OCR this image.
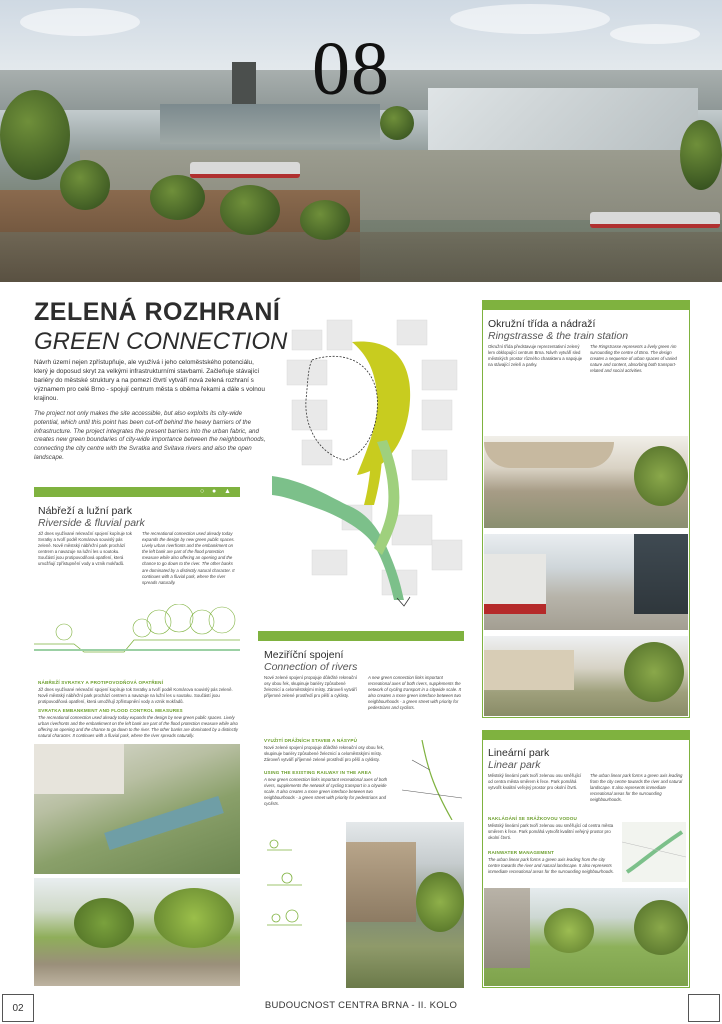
08
ZELENÁ ROZHRANÍ
GREEN CONNECTION
Návrh území nejen zpřístupňuje, ale využívá i jeho celoměstského potenciálu, který je doposud skryt za velkými infrastrukturními stavbami. Začleňuje stávající bariéry do městské struktury a na pomezí čtvrtí vytváří nová zelená rozhraní s významem pro celé Brno - spojují centrum města s oběma řekami a dále s volnou krajinou.
The project not only makes the site accessible, but also exploits its city-wide potential, which until this point has been cut-off behind the heavy barriers of the infrastructure. The project integrates the present barriers into the urban fabric, and creates new green boundaries of city-wide importance between the neighbourhoods, connecting the city centre with the Svratka and Svitava rivers and also the open landscape.
○ ● ▲
Nábřeží a lužní park
Riverside & fluvial park
Již dnes využívané rekreační spojení kopíruje tok Svratky a tvoří podél Komárova souvislý pás zeleně. Nově městský nábřežní park prochází centrem a navazuje na lužní les u soutoku. Součástí jsou protipovodňová opatření, která umožňují zpřístupnění vody a vznik mokřadů.
The recreational connection used already today expands the design by new green public spaces. Lively urban riverfronts and the embankment on the left bank are part of the flood protection measure while also offering an opening and the chance to go down to the river. The other banks are dominated by a distinctly natural character. It continues with a fluvial park, where the river spreads naturally.
NÁBŘEŽÍ SVRATKY A PROTIPOVODŇOVÁ OPATŘENÍ
Již dnes využívané rekreační spojení kopíruje tok Svratky a tvoří podél Komárova souvislý pás zeleně. Nově městský nábřežní park prochází centrem a navazuje na lužní les u soutoku. Součástí jsou protipovodňová opatření, která umožňují zpřístupnění vody a vznik mokřadů.
SVRATKA EMBANKMENT AND FLOOD CONTROL MEASURES
The recreational connection used already today expands the design by new green public spaces. Lively urban riverfronts and the embankment on the left bank are part of the flood protection measure while also offering an opening and the chance to go down to the river. The other banks are dominated by a distinctly natural character. It continues with a fluvial park, where the river spreads naturally.
Meziříční spojení
Connection of rivers
Nové zelené spojení propojuje důležité rekreační osy obou řek, skupinuje bariéry způsobené železnicí a celoměstskými místy. Zároveň vytváří příjemné zelené prostředí pro pěší a cyklisty.
A new green connection links important recreational axes of both rivers, supplements the network of cycling transport in a citywide scale. It also creates a more green interface between two neighbourhoods - a green street with priority for pedestrians and cyclists.
VYUŽITÍ DRÁŽNÍCH STAVEB A NÁSYPŮ
Nové zelené spojení propojuje důležité rekreační osy obou řek, skupinuje bariéry způsobené železnicí a celoměstskými místy. Zároveň vytváří příjemné zelené prostředí pro pěší a cyklisty.
USING THE EXISTING RAILWAY IN THE AREA
A new green connection links important recreational axes of both rivers, supplements the network of cycling transport in a citywide scale. It also creates a more green interface between two neighbourhoods - a green street with priority for pedestrians and cyclists.
Okružní třída a nádraží
Ringstrasse & the train station
Okružní třída představuje reprezentativní zelený lem obklopující centrum Brna. Návrh vytváří sled městských prostor různého charakteru a napojuje na stávající zeleň a parky.
The Ringstrasse represents a lively green rim surrounding the centre of Brno. The design creates a sequence of urban spaces of varied nature and content, absorbing both transport-related and social activities.
Lineární park
Linear park
Městský lineární park tvoří zelenou osu směřující od centra města směrem k řece. Park pomáhá vytvořit kvalitní veřejný prostor pro okolní čtvrti.
The urban linear park forms a green axis leading from the city centre towards the river and natural landscape. It also represents immediate recreational areas for the surrounding neighbourhoods.
NAKLÁDÁNÍ SE SRÁŽKOVOU VODOU
Městský lineární park tvoří zelenou osu směřující od centra města směrem k řece. Park pomáhá vytvořit kvalitní veřejný prostor pro okolní čtvrti.
RAINWATER MANAGEMENT
The urban linear park forms a green axis leading from the city centre towards the river and natural landscape. It also represents immediate recreational areas for the surrounding neighbourhoods.
02	BUDOUCNOST CENTRA BRNA - II. KOLO
